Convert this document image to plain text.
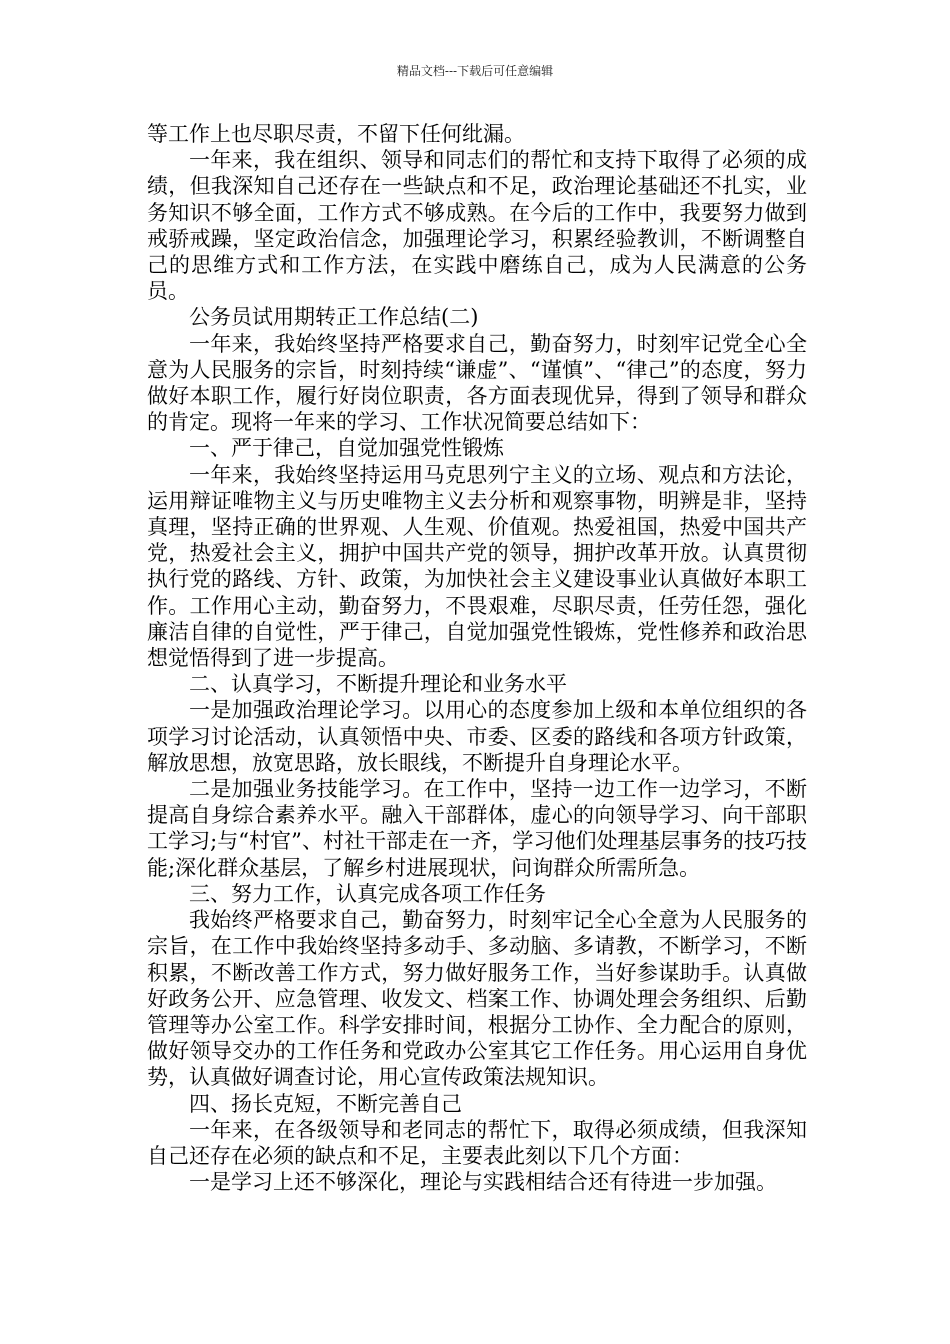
精品文档---下载后可任意编辑

等工作上也尽职尽责，不留下任何纰漏。

一年来，我在组织、领导和同志们的帮忙和支持下取得了必须的成绩，但我深知自己还存在一些缺点和不足，政治理论基础还不扎实，业务知识不够全面，工作方式不够成熟。在今后的工作中，我要努力做到戒骄戒躁，坚定政治信念，加强理论学习，积累经验教训，不断调整自己的思维方式和工作方法，在实践中磨练自己，成为人民满意的公务员。

公务员试用期转正工作总结(二)

一年来，我始终坚持严格要求自己，勤奋努力，时刻牢记党全心全意为人民服务的宗旨，时刻持续“谦虚”、“谨慎”、“律己”的态度，努力做好本职工作，履行好岗位职责，各方面表现优异，得到了领导和群众的肯定。现将一年来的学习、工作状况简要总结如下：

一、严于律己，自觉加强党性锻炼

一年来，我始终坚持运用马克思列宁主义的立场、观点和方法论，运用辩证唯物主义与历史唯物主义去分析和观察事物，明辨是非，坚持真理，坚持正确的世界观、人生观、价值观。热爱祖国，热爱中国共产党，热爱社会主义，拥护中国共产党的领导，拥护改革开放。认真贯彻执行党的路线、方针、政策，为加快社会主义建设事业认真做好本职工作。工作用心主动，勤奋努力，不畏艰难，尽职尽责，任劳任怨，强化廉洁自律的自觉性，严于律己，自觉加强党性锻炼，党性修养和政治思想觉悟得到了进一步提高。

二、认真学习，不断提升理论和业务水平

一是加强政治理论学习。以用心的态度参加上级和本单位组织的各项学习讨论活动，认真领悟中央、市委、区委的路线和各项方针政策，解放思想，放宽思路，放长眼线，不断提升自身理论水平。

二是加强业务技能学习。在工作中，坚持一边工作一边学习，不断提高自身综合素养水平。融入干部群体，虚心的向领导学习、向干部职工学习;与“村官”、村社干部走在一齐，学习他们处理基层事务的技巧技能;深化群众基层，了解乡村进展现状，问询群众所需所急。

三、努力工作，认真完成各项工作任务

我始终严格要求自己，勤奋努力，时刻牢记全心全意为人民服务的宗旨，在工作中我始终坚持多动手、多动脑、多请教，不断学习，不断积累，不断改善工作方式，努力做好服务工作，当好参谋助手。认真做好政务公开、应急管理、收发文、档案工作、协调处理会务组织、后勤管理等办公室工作。科学安排时间，根据分工协作、全力配合的原则，做好领导交办的工作任务和党政办公室其它工作任务。用心运用自身优势，认真做好调查讨论，用心宣传政策法规知识。

四、扬长克短，不断完善自己

一年来，在各级领导和老同志的帮忙下，取得必须成绩，但我深知自己还存在必须的缺点和不足，主要表此刻以下几个方面：

一是学习上还不够深化，理论与实践相结合还有待进一步加强。
